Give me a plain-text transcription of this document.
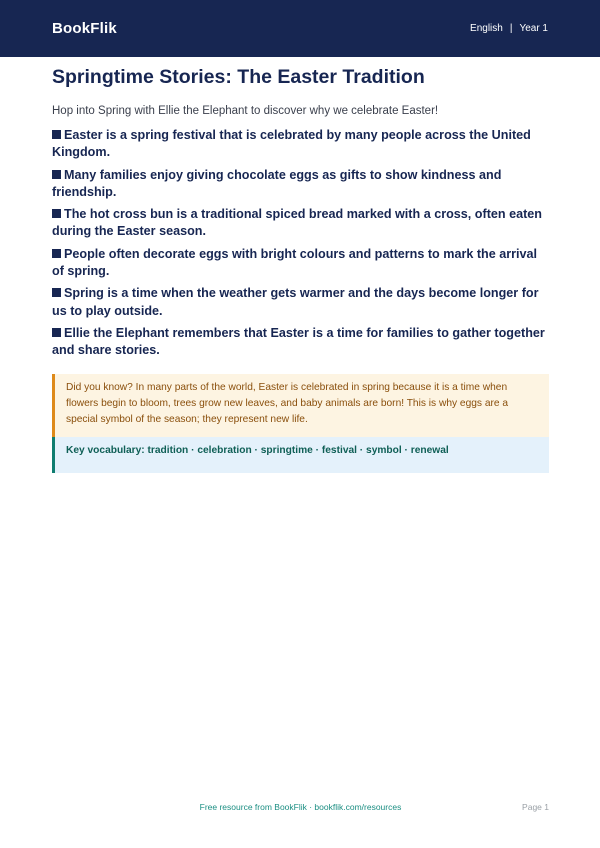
BookFlik	English | Year 1
Springtime Stories: The Easter Tradition

Hop into Spring with Ellie the Elephant to discover why we celebrate Easter!

Easter is a spring festival that is celebrated by many people across the United Kingdom.
Many families enjoy giving chocolate eggs as gifts to show kindness and friendship.
The hot cross bun is a traditional spiced bread marked with a cross, often eaten during the Easter season.
People often decorate eggs with bright colours and patterns to mark the arrival of spring.
Spring is a time when the weather gets warmer and the days become longer for us to play outside.
Ellie the Elephant remembers that Easter is a time for families to gather together and share stories.
Did you know? In many parts of the world, Easter is celebrated in spring because it is a time when flowers begin to bloom, trees grow new leaves, and baby animals are born! This is why eggs are a special symbol of the season; they represent new life.
Key vocabulary: tradition · celebration · springtime · festival · symbol · renewal
Free resource from BookFlik · bookflik.com/resources	Page 1
